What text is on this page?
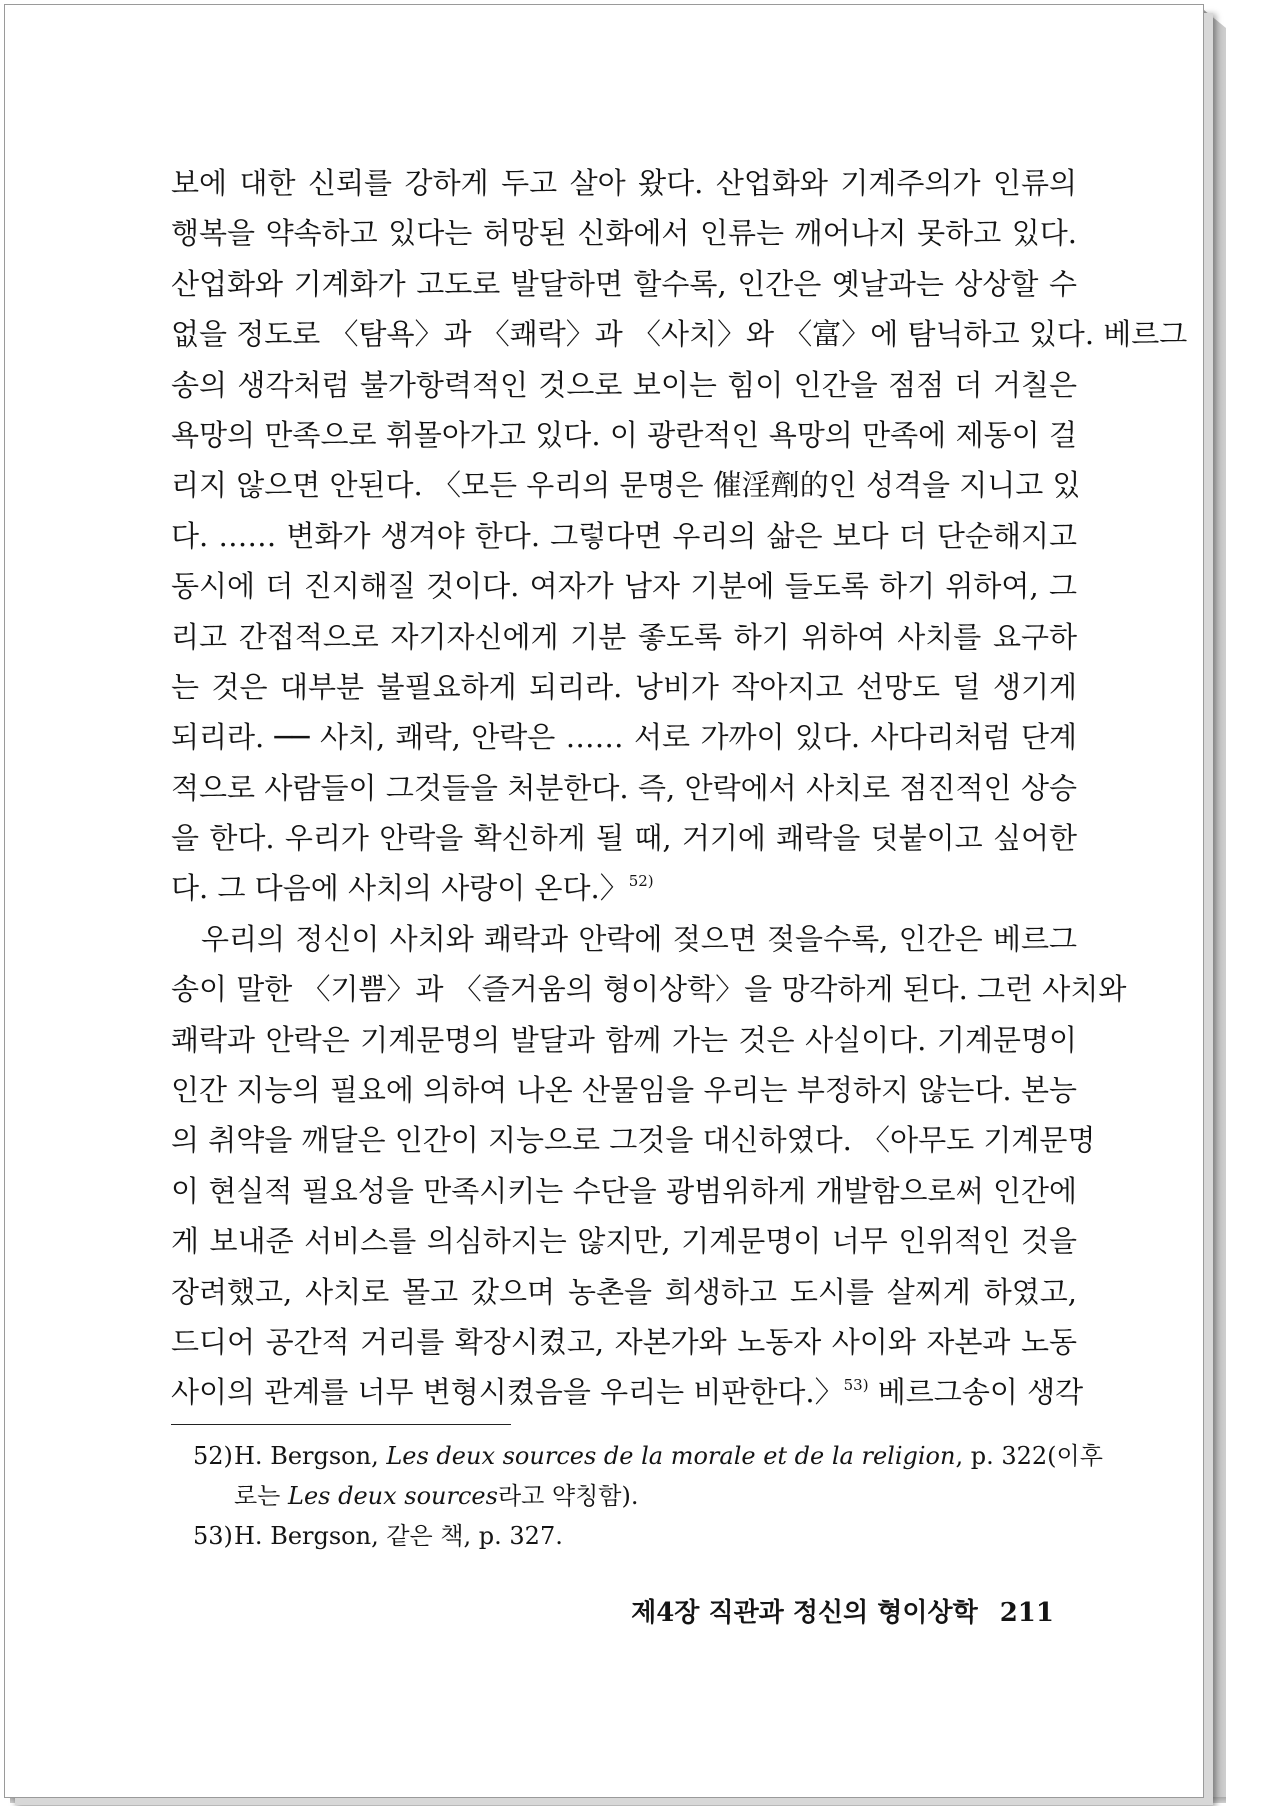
보에 대한 신뢰를 강하게 두고 살아 왔다. 산업화와 기계주의가 인류의
행복을 약속하고 있다는 허망된 신화에서 인류는 깨어나지 못하고 있다.
산업화와 기계화가 고도로 발달하면 할수록, 인간은 옛날과는 상상할 수
없을 정도로 〈탐욕〉과 〈쾌락〉과 〈사치〉와 〈富〉에 탐닉하고 있다. 베르그
송의 생각처럼 불가항력적인 것으로 보이는 힘이 인간을 점점 더 거칠은
욕망의 만족으로 휘몰아가고 있다. 이 광란적인 욕망의 만족에 제동이 걸
리지 않으면 안된다. 〈모든 우리의 문명은 催淫劑的인 성격을 지니고 있
다. …… 변화가 생겨야 한다. 그렇다면 우리의 삶은 보다 더 단순해지고
동시에 더 진지해질 것이다. 여자가 남자 기분에 들도록 하기 위하여, 그
리고 간접적으로 자기자신에게 기분 좋도록 하기 위하여 사치를 요구하
는 것은 대부분 불필요하게 되리라. 낭비가 작아지고 선망도 덜 생기게
되리라. ── 사치, 쾌락, 안락은 …… 서로 가까이 있다. 사다리처럼 단계
적으로 사람들이 그것들을 처분한다. 즉, 안락에서 사치로 점진적인 상승
을 한다. 우리가 안락을 확신하게 될 때, 거기에 쾌락을 덧붙이고 싶어한
다. 그 다음에 사치의 사랑이 온다.〉$^{52)}$
우리의 정신이 사치와 쾌락과 안락에 젖으면 젖을수록, 인간은 베르그
송이 말한 〈기쁨〉과 〈즐거움의 형이상학〉을 망각하게 된다. 그런 사치와
쾌락과 안락은 기계문명의 발달과 함께 가는 것은 사실이다. 기계문명이
인간 지능의 필요에 의하여 나온 산물임을 우리는 부정하지 않는다. 본능
의 취약을 깨달은 인간이 지능으로 그것을 대신하였다. 〈아무도 기계문명
이 현실적 필요성을 만족시키는 수단을 광범위하게 개발함으로써 인간에
게 보내준 서비스를 의심하지는 않지만, 기계문명이 너무 인위적인 것을
장려했고, 사치로 몰고 갔으며 농촌을 희생하고 도시를 살찌게 하였고,
드디어 공간적 거리를 확장시켰고, 자본가와 노동자 사이와 자본과 노동
사이의 관계를 너무 변형시켰음을 우리는 비판한다.〉$^{53)}$ 베르그송이 생각
52)H. Bergson, Les deux sources de la morale et de la religion, p. 322(이후
로는 Les deux sources라고 약칭함).
53)H. Bergson, 같은 책, p. 327.
제4장 직관과 정신의 형이상학 211
